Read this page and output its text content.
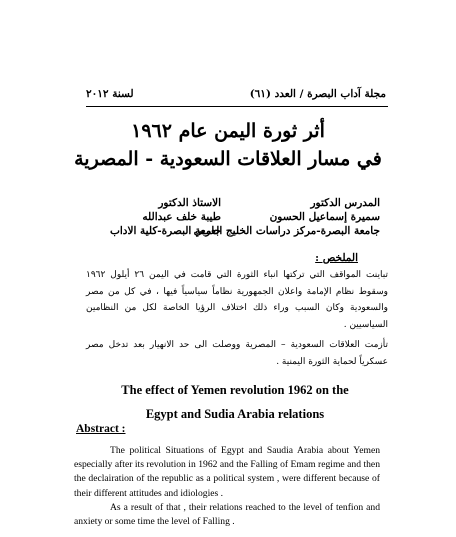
مجلة آداب البصرة / العدد (٦١)
لسنة ٢٠١٢
أثر ثورة اليمن عام ١٩٦٢
في مسار العلاقات السعودية - المصرية
المدرس الدكتور
سميرة إسماعيل الحسون
جامعة البصرة-مركز دراسات الخليج العربي
الاستاذ الدكتور
طيبة خلف عبدالله
جامعة البصرة-كلية الاداب
الملخص :

تباينت المواقف التي تركتها انباء الثورة التي قامت في اليمن ٢٦ أيلول ١٩٦٢ وسقوط نظام الإمامة واعلان الجمهورية نظاماً سياسياً فيها ، في كل من مصر والسعودية وكان السبب وراء ذلك اختلاف الرؤيا الخاصة لكل من النظامين السياسيين .

تأزمت العلاقات السعودية – المصرية ووصلت الى حد الانهيار بعد تدخل مصر عسكرياً لحماية الثورة اليمنية .

The effect of Yemen revolution 1962 on the
Egypt and Sudia Arabia relations
Abstract :

The political Situations of Egypt and Saudia Arabia about Yemen especially after its revolution in 1962 and the Falling of Emam regime and then the declairation of the republic as a political system , were different because of their different attitudes and idiologies .

As a result of that , their relations reached to the level of tenfion and anxiety or some time the level of Falling .
